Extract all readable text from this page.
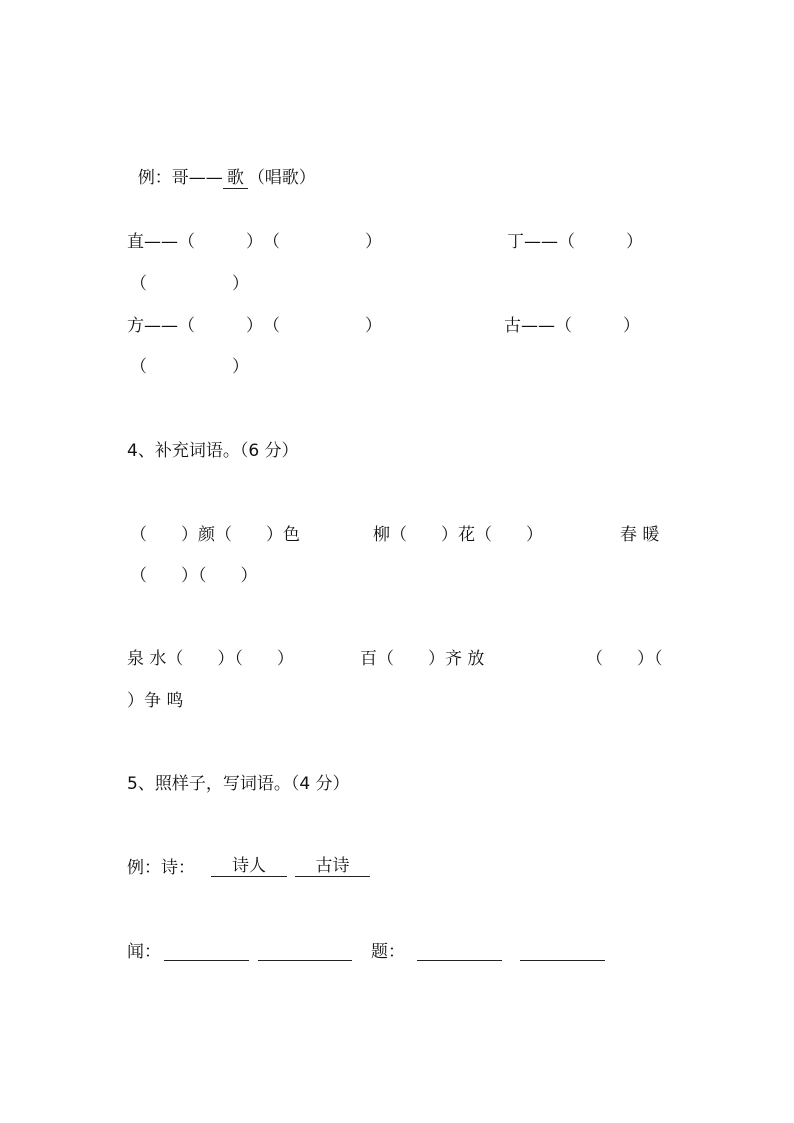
例：哥—— 歌 （唱歌）

直——（　　　）　（　　　　　）	丁——（　　　）
（　　　　　）
方——（　　　）　（　　　　　）	古——（　　　）
（　　　　　）
4、补充词语。（6 分）
（　　）颜（　　）色	柳（　　）花（　　）	春 暖
（　　）（　　）
泉 水（　　）（　　）	百（　　）齐 放	（　　）（
）争 鸣
5、照样子，写词语。（4 分）
例：诗：	诗人	古诗
闻：	题：
